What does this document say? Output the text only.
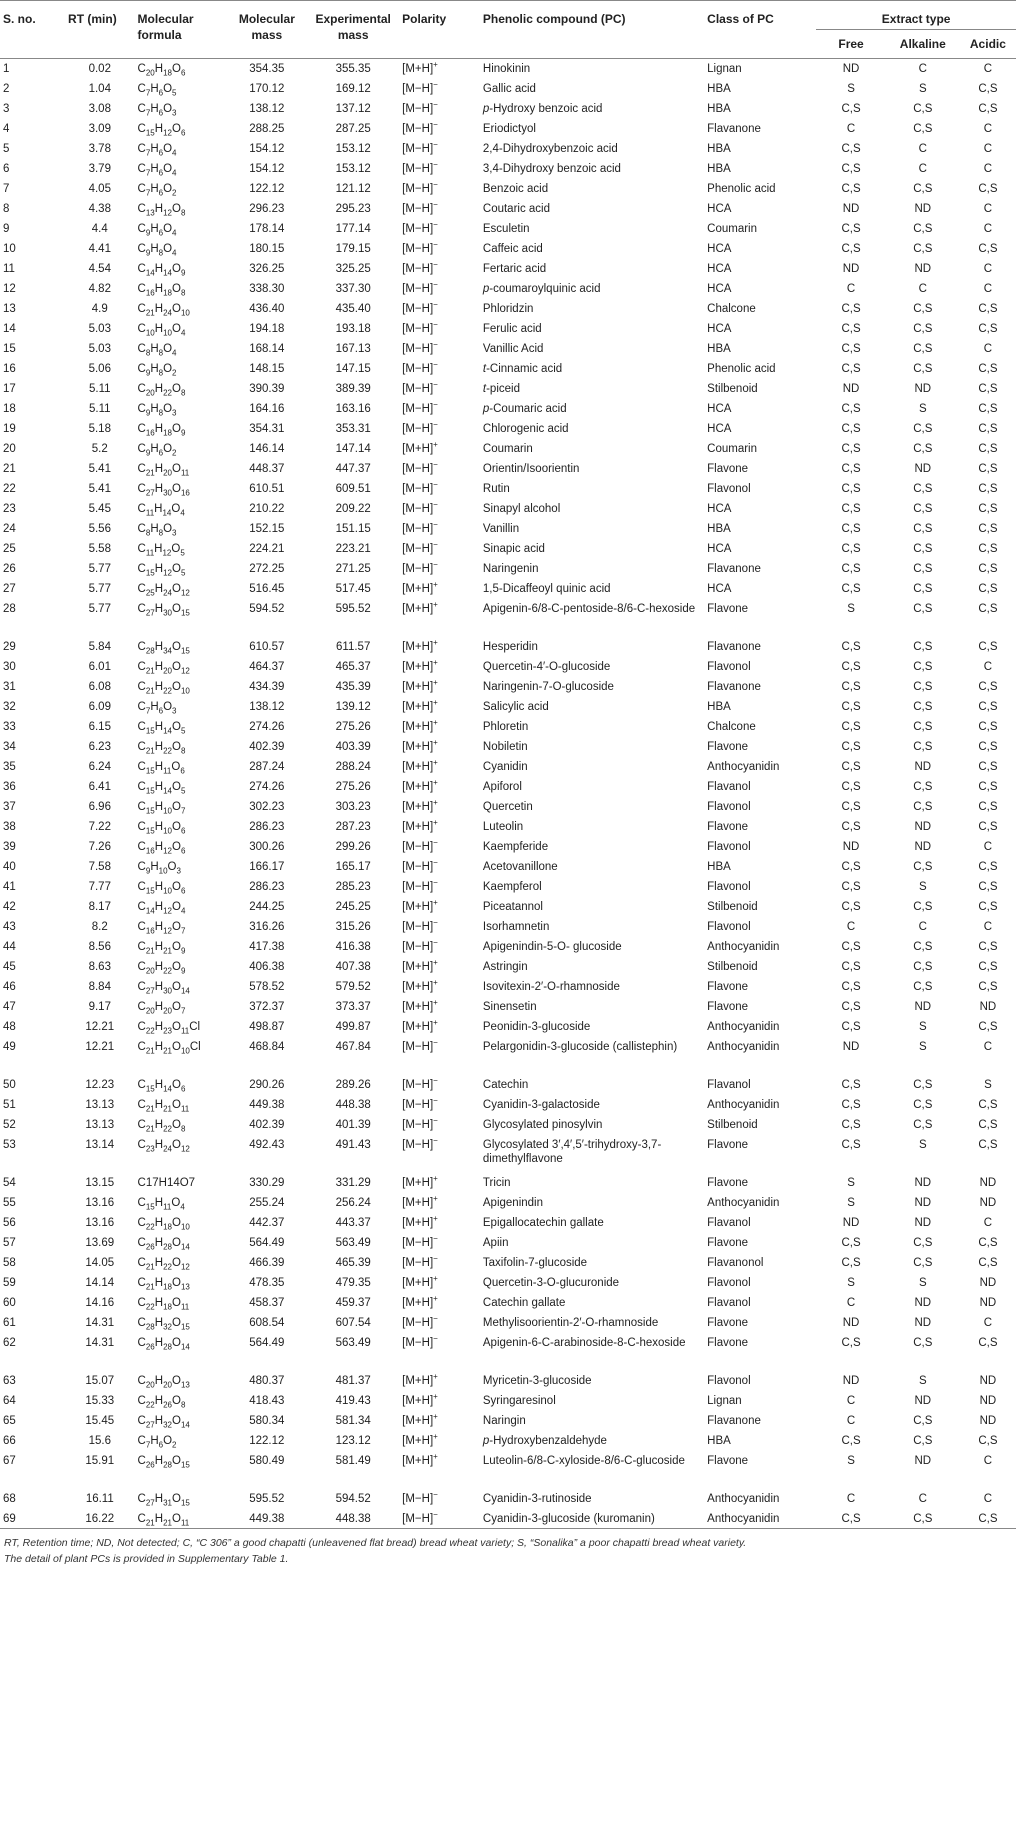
S. no.	RT (min)	Molecular formula	Molecular mass	Experimental mass	Polarity	Phenolic compound (PC)	Class of PC	Extract type		
								Free	Alkaline	Acidic
1	0.02	$C_{20}H_{18}O_6$	354.35	355.35	[M+H]+	Hinokinin	Lignan	ND	C	C
2	1.04	$C_7H_6O_5$	170.12	169.12	[M−H]−	Gallic acid	HBA	S	S	C,S
3	3.08	$C_7H_6O_3$	138.12	137.12	[M−H]−	p-Hydroxy benzoic acid	HBA	C,S	C,S	C,S
4	3.09	$C_{15}H_{12}O_6$	288.25	287.25	[M−H]−	Eriodictyol	Flavanone	C	C,S	C
5	3.78	$C_7H_6O_4$	154.12	153.12	[M−H]−	2,4-Dihydroxybenzoic acid	HBA	C,S	C	C
6	3.79	$C_7H_6O_4$	154.12	153.12	[M−H]−	3,4-Dihydroxy benzoic acid	HBA	C,S	C	C
7	4.05	$C_7H_6O_2$	122.12	121.12	[M−H]−	Benzoic acid	Phenolic acid	C,S	C,S	C,S
8	4.38	$C_{13}H_{12}O_8$	296.23	295.23	[M−H]−	Coutaric acid	HCA	ND	ND	C
9	4.4	$C_9H_6O_4$	178.14	177.14	[M−H]−	Esculetin	Coumarin	C,S	C,S	C
10	4.41	$C_9H_8O_4$	180.15	179.15	[M−H]−	Caffeic acid	HCA	C,S	C,S	C,S
11	4.54	$C_{14}H_{14}O_9$	326.25	325.25	[M−H]−	Fertaric acid	HCA	ND	ND	C
12	4.82	$C_{16}H_{18}O_8$	338.30	337.30	[M−H]−	p-coumaroylquinic acid	HCA	C	C	C
13	4.9	$C_{21}H_{24}O_{10}$	436.40	435.40	[M−H]−	Phloridzin	Chalcone	C,S	C,S	C,S
14	5.03	$C_{10}H_{10}O_4$	194.18	193.18	[M−H]−	Ferulic acid	HCA	C,S	C,S	C,S
15	5.03	$C_8H_8O_4$	168.14	167.13	[M−H]−	Vanillic Acid	HBA	C,S	C,S	C
16	5.06	$C_9H_8O_2$	148.15	147.15	[M−H]−	t-Cinnamic acid	Phenolic acid	C,S	C,S	C,S
17	5.11	$C_{20}H_{22}O_8$	390.39	389.39	[M−H]−	t-piceid	Stilbenoid	ND	ND	C,S
18	5.11	$C_9H_8O_3$	164.16	163.16	[M−H]−	p-Coumaric acid	HCA	C,S	S	C,S
19	5.18	$C_{16}H_{18}O_9$	354.31	353.31	[M−H]−	Chlorogenic acid	HCA	C,S	C,S	C,S
20	5.2	$C_9H_6O_2$	146.14	147.14	[M+H]+	Coumarin	Coumarin	C,S	C,S	C,S
21	5.41	$C_{21}H_{20}O_{11}$	448.37	447.37	[M−H]−	Orientin/Isoorientin	Flavone	C,S	ND	C,S
22	5.41	$C_{27}H_{30}O_{16}$	610.51	609.51	[M−H]−	Rutin	Flavonol	C,S	C,S	C,S
23	5.45	$C_{11}H_{14}O_4$	210.22	209.22	[M−H]−	Sinapyl alcohol	HCA	C,S	C,S	C,S
24	5.56	$C_8H_8O_3$	152.15	151.15	[M−H]−	Vanillin	HBA	C,S	C,S	C,S
25	5.58	$C_{11}H_{12}O_5$	224.21	223.21	[M−H]−	Sinapic acid	HCA	C,S	C,S	C,S
26	5.77	$C_{15}H_{12}O_5$	272.25	271.25	[M−H]−	Naringenin	Flavanone	C,S	C,S	C,S
27	5.77	$C_{25}H_{24}O_{12}$	516.45	517.45	[M+H]+	1,5-Dicaffeoyl quinic acid	HCA	C,S	C,S	C,S
28	5.77	$C_{27}H_{30}O_{15}$	594.52	595.52	[M+H]+	Apigenin-6/8-C-pentoside-8/6-C-hexoside	Flavone	S	C,S	C,S
29	5.84	$C_{28}H_{34}O_{15}$	610.57	611.57	[M+H]+	Hesperidin	Flavanone	C,S	C,S	C,S
30	6.01	$C_{21}H_{20}O_{12}$	464.37	465.37	[M+H]+	Quercetin-4′-O-glucoside	Flavonol	C,S	C,S	C
31	6.08	$C_{21}H_{22}O_{10}$	434.39	435.39	[M+H]+	Naringenin-7-O-glucoside	Flavanone	C,S	C,S	C,S
32	6.09	$C_7H_6O_3$	138.12	139.12	[M+H]+	Salicylic acid	HBA	C,S	C,S	C,S
33	6.15	$C_{15}H_{14}O_5$	274.26	275.26	[M+H]+	Phloretin	Chalcone	C,S	C,S	C,S
34	6.23	$C_{21}H_{22}O_8$	402.39	403.39	[M+H]+	Nobiletin	Flavone	C,S	C,S	C,S
35	6.24	$C_{15}H_{11}O_6$	287.24	288.24	[M+H]+	Cyanidin	Anthocyanidin	C,S	ND	C,S
36	6.41	$C_{15}H_{14}O_5$	274.26	275.26	[M+H]+	Apiforol	Flavanol	C,S	C,S	C,S
37	6.96	$C_{15}H_{10}O_7$	302.23	303.23	[M+H]+	Quercetin	Flavonol	C,S	C,S	C,S
38	7.22	$C_{15}H_{10}O_6$	286.23	287.23	[M+H]+	Luteolin	Flavone	C,S	ND	C,S
39	7.26	$C_{16}H_{12}O_6$	300.26	299.26	[M−H]−	Kaempferide	Flavonol	ND	ND	C
40	7.58	$C_9H_{10}O_3$	166.17	165.17	[M−H]−	Acetovanillone	HBA	C,S	C,S	C,S
41	7.77	$C_{15}H_{10}O_6$	286.23	285.23	[M−H]−	Kaempferol	Flavonol	C,S	S	C,S
42	8.17	$C_{14}H_{12}O_4$	244.25	245.25	[M+H]+	Piceatannol	Stilbenoid	C,S	C,S	C,S
43	8.2	$C_{16}H_{12}O_7$	316.26	315.26	[M−H]−	Isorhamnetin	Flavonol	C	C	C
44	8.56	$C_{21}H_{21}O_9$	417.38	416.38	[M−H]−	Apigenindin-5-O- glucoside	Anthocyanidin	C,S	C,S	C,S
45	8.63	$C_{20}H_{22}O_9$	406.38	407.38	[M+H]+	Astringin	Stilbenoid	C,S	C,S	C,S
46	8.84	$C_{27}H_{30}O_{14}$	578.52	579.52	[M+H]+	Isovitexin-2′-O-rhamnoside	Flavone	C,S	C,S	C,S
47	9.17	$C_{20}H_{20}O_7$	372.37	373.37	[M+H]+	Sinensetin	Flavone	C,S	ND	ND
48	12.21	$C_{22}H_{23}O_{11}Cl$	498.87	499.87	[M+H]+	Peonidin-3-glucoside	Anthocyanidin	C,S	S	C,S
49	12.21	$C_{21}H_{21}O_{10}Cl$	468.84	467.84	[M−H]−	Pelargonidin-3-glucoside (callistephin)	Anthocyanidin	ND	S	C
50	12.23	$C_{15}H_{14}O_6$	290.26	289.26	[M−H]−	Catechin	Flavanol	C,S	C,S	S
51	13.13	$C_{21}H_{21}O_{11}$	449.38	448.38	[M−H]−	Cyanidin-3-galactoside	Anthocyanidin	C,S	C,S	C,S
52	13.13	$C_{21}H_{22}O_8$	402.39	401.39	[M−H]−	Glycosylated pinosylvin	Stilbenoid	C,S	C,S	C,S
53	13.14	$C_{23}H_{24}O_{12}$	492.43	491.43	[M−H]−	Glycosylated 3′,4′,5′-trihydroxy-3,7-dimethylflavone	Flavone	C,S	S	C,S
54	13.15	C17H14O7	330.29	331.29	[M+H]+	Tricin	Flavone	S	ND	ND
55	13.16	$C_{15}H_{11}O_4$	255.24	256.24	[M+H]+	Apigenindin	Anthocyanidin	S	ND	ND
56	13.16	$C_{22}H_{18}O_{10}$	442.37	443.37	[M+H]+	Epigallocatechin gallate	Flavanol	ND	ND	C
57	13.69	$C_{26}H_{28}O_{14}$	564.49	563.49	[M−H]−	Apiin	Flavone	C,S	C,S	C,S
58	14.05	$C_{21}H_{22}O_{12}$	466.39	465.39	[M−H]−	Taxifolin-7-glucoside	Flavanonol	C,S	C,S	C,S
59	14.14	$C_{21}H_{18}O_{13}$	478.35	479.35	[M+H]+	Quercetin-3-O-glucuronide	Flavonol	S	S	ND
60	14.16	$C_{22}H_{18}O_{11}$	458.37	459.37	[M+H]+	Catechin gallate	Flavanol	C	ND	ND
61	14.31	$C_{28}H_{32}O_{15}$	608.54	607.54	[M−H]−	Methylisoorientin-2′-O-rhamnoside	Flavone	ND	ND	C
62	14.31	$C_{26}H_{28}O_{14}$	564.49	563.49	[M−H]−	Apigenin-6-C-arabinoside-8-C-hexoside	Flavone	C,S	C,S	C,S
63	15.07	$C_{20}H_{20}O_{13}$	480.37	481.37	[M+H]+	Myricetin-3-glucoside	Flavonol	ND	S	ND
64	15.33	$C_{22}H_{26}O_8$	418.43	419.43	[M+H]+	Syringaresinol	Lignan	C	ND	ND
65	15.45	$C_{27}H_{32}O_{14}$	580.34	581.34	[M+H]+	Naringin	Flavanone	C	C,S	ND
66	15.6	$C_7H_6O_2$	122.12	123.12	[M+H]+	p-Hydroxybenzaldehyde	HBA	C,S	C,S	C,S
67	15.91	$C_{26}H_{28}O_{15}$	580.49	581.49	[M+H]+	Luteolin-6/8-C-xyloside-8/6-C-glucoside	Flavone	S	ND	C
68	16.11	$C_{27}H_{31}O_{15}$	595.52	594.52	[M−H]−	Cyanidin-3-rutinoside	Anthocyanidin	C	C	C
69	16.22	$C_{21}H_{21}O_{11}$	449.38	448.38	[M−H]−	Cyanidin-3-glucoside (kuromanin)	Anthocyanidin	C,S	C,S	C,S

RT, Retention time; ND, Not detected; C, “C 306” a good chapatti (unleavened flat bread) bread wheat variety; S, “Sonalika” a poor chapatti bread wheat variety.

The detail of plant PCs is provided in Supplementary Table 1.
